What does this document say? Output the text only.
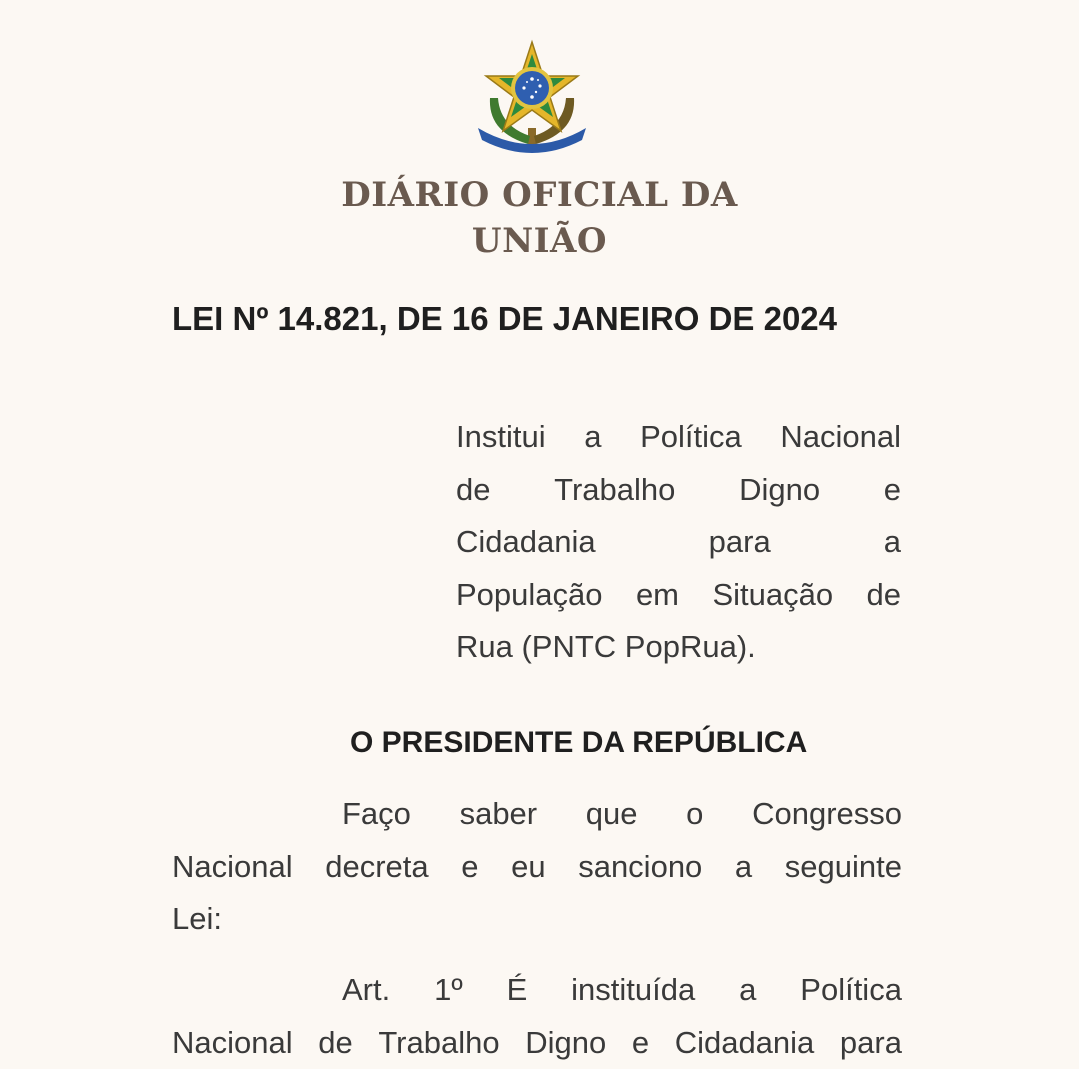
DIÁRIO OFICIAL DA
UNIÃO
LEI Nº 14.821, DE 16 DE JANEIRO DE 2024
Institui a Política Nacional
de Trabalho Digno e
Cidadania	para	a
População em Situação de
Rua (PNTC PopRua).
O PRESIDENTE DA REPÚBLICA
Faço saber que o Congresso
Nacional decreta e eu sanciono a seguinte
Lei:
Art. 1º É instituída a Política
Nacional de Trabalho Digno e Cidadania para
